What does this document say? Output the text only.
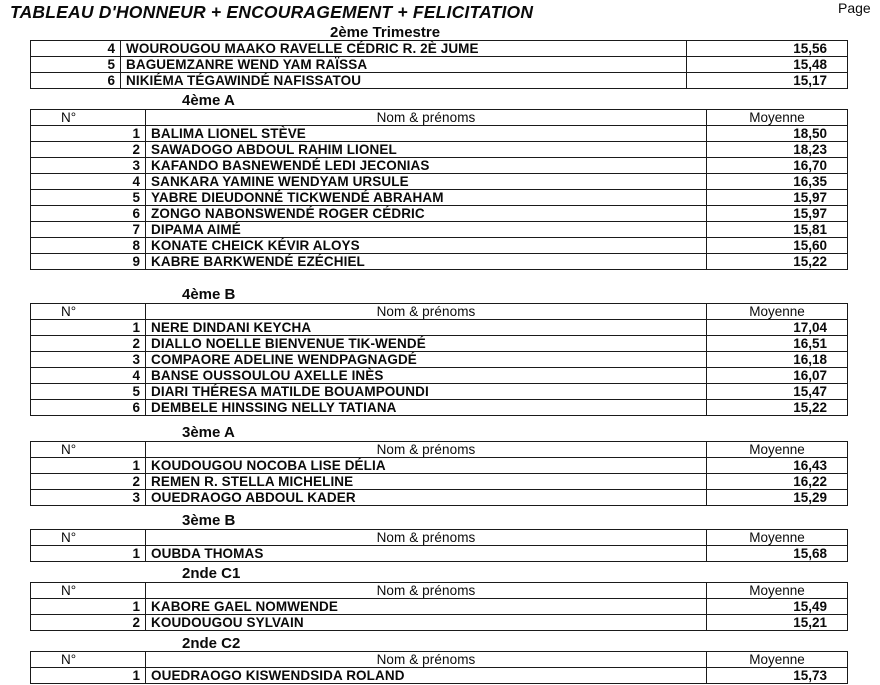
TABLEAU D'HONNEUR + ENCOURAGEMENT + FELICITATION	Page
2ème Trimestre
4	WOUROUGOU MAAKO RAVELLE CÉDRIC R. 2È JUME	15,56
5	BAGUEMZANRE WEND YAM RAÏSSA	15,48
6	NIKIÉMA TÉGAWINDÉ NAFISSATOU	15,17
4ème A
N°	Nom & prénoms	Moyenne
1	BALIMA LIONEL STÈVE	18,50
2	SAWADOGO ABDOUL RAHIM LIONEL	18,23
3	KAFANDO BASNEWENDÉ LEDI JECONIAS	16,70
4	SANKARA YAMINE WENDYAM URSULE	16,35
5	YABRE DIEUDONNÉ TICKWENDÉ ABRAHAM	15,97
6	ZONGO NABONSWENDÉ ROGER CÉDRIC	15,97
7	DIPAMA AIMÉ	15,81
8	KONATE CHEICK KÉVIR ALOYS	15,60
9	KABRE BARKWENDÉ EZÉCHIEL	15,22
4ème B
N°	Nom & prénoms	Moyenne
1	NERE DINDANI KEYCHA	17,04
2	DIALLO NOELLE BIENVENUE TIK-WENDÉ	16,51
3	COMPAORE ADELINE WENDPAGNAGDÉ	16,18
4	BANSE OUSSOULOU AXELLE INÈS	16,07
5	DIARI THÉRESA MATILDE BOUAMPOUNDI	15,47
6	DEMBELE HINSSING NELLY TATIANA	15,22
3ème A
N°	Nom & prénoms	Moyenne
1	KOUDOUGOU NOCOBA LISE DÉLIA	16,43
2	REMEN R. STELLA MICHELINE	16,22
3	OUEDRAOGO ABDOUL KADER	15,29
3ème B
N°	Nom & prénoms	Moyenne
1	OUBDA THOMAS	15,68
2nde C1
N°	Nom & prénoms	Moyenne
1	KABORE GAEL NOMWENDE	15,49
2	KOUDOUGOU SYLVAIN	15,21
2nde C2
N°	Nom & prénoms	Moyenne
1	OUEDRAOGO KISWENDSIDA ROLAND	15,73
